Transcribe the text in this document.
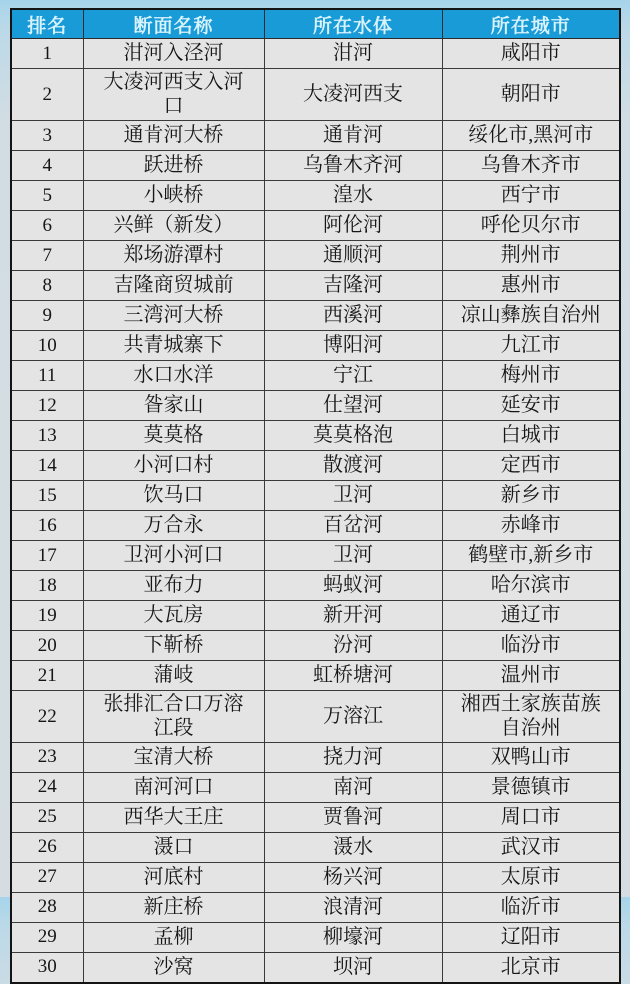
排名	断面名称	所在水体	所在城市
1	泔河入泾河	泔河	咸阳市
2	大凌河西支入河口	大凌河西支	朝阳市
3	通肯河大桥	通肯河	绥化市,黑河市
4	跃进桥	乌鲁木齐河	乌鲁木齐市
5	小峡桥	湟水	西宁市
6	兴鲜（新发）	阿伦河	呼伦贝尔市
7	郑场游潭村	通顺河	荆州市
8	吉隆商贸城前	吉隆河	惠州市
9	三湾河大桥	西溪河	凉山彝族自治州
10	共青城寨下	博阳河	九江市
11	水口水洋	宁江	梅州市
12	昝家山	仕望河	延安市
13	莫莫格	莫莫格泡	白城市
14	小河口村	散渡河	定西市
15	饮马口	卫河	新乡市
16	万合永	百岔河	赤峰市
17	卫河小河口	卫河	鹤壁市,新乡市
18	亚布力	蚂蚁河	哈尔滨市
19	大瓦房	新开河	通辽市
20	下靳桥	汾河	临汾市
21	蒲岐	虹桥塘河	温州市
22	张排汇合口万溶江段	万溶江	湘西土家族苗族自治州
23	宝清大桥	挠力河	双鸭山市
24	南河河口	南河	景德镇市
25	西华大王庄	贾鲁河	周口市
26	滠口	滠水	武汉市
27	河底村	杨兴河	太原市
28	新庄桥	浪清河	临沂市
29	孟柳	柳壕河	辽阳市
30	沙窝	坝河	北京市
